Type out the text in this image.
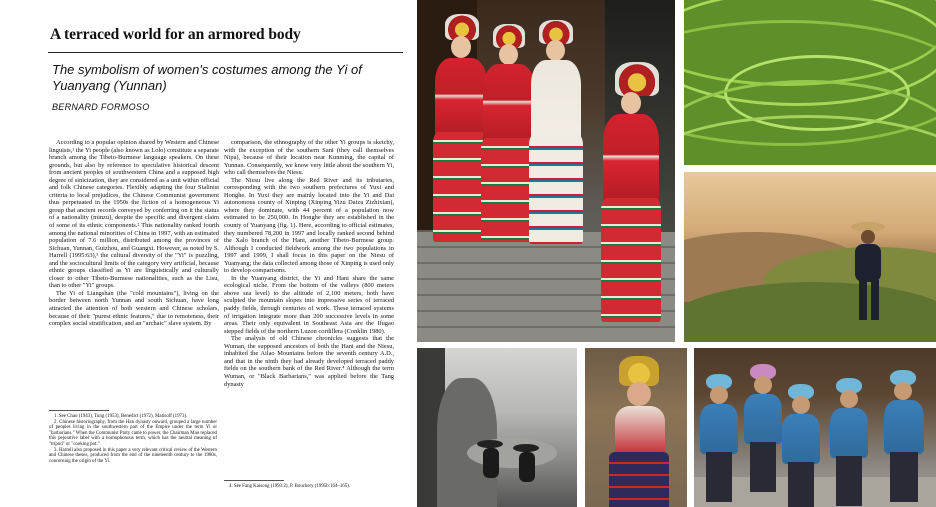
A terraced world for an armored body
The symbolism of women's costumes among the Yi of Yuanyang (Yunnan)
BERNARD FORMOSO

According to a popular opinion shared by Western and Chinese linguists,¹ the Yi people (also known as Lolo) constitute a separate branch among the Tibeto-Burmese language speakers. On these grounds, but also by reference to speculative historical descent from ancient peoples of southwestern China and a supposed high degree of sinicization, they are considered as a unit within official and folk Chinese categories. Flexibly adapting the four Stalinist criteria to local prejudices, the Chinese Communist government thus perpetuated in the 1950s the fiction of a homogeneous Yi group that ancient records conveyed by conferring on it the status of a nationality (minzu), despite the specific and divergent claim of some of its ethnic components.² This nationality ranked fourth among the national minorities of China in 1997, with an estimated population of 7.6 million, distributed among the provinces of Sichuan, Yunnan, Guizhou, and Guangxi. However, as noted by S. Harrell (1995:63),³ the cultural diversity of the "Yi" is puzzling, and the sociocultural limits of the category very artificial, because ethnic groups classified as Yi are linguistically and culturally closer to other Tibeto-Burmese nationalities, such as the Lisu, than to other "Yi" groups.

The Yi of Liangshan (the "cold mountains"), living on the border between north Yunnan and south Sichuan, have long attracted the attention of both western and Chinese scholars, because of their "purest ethnic features," due to remoteness, their complex social stratification, and an "archaic" slave system. By

comparison, the ethnography of the other Yi groups is sketchy, with the exception of the southern Sani (they call themselves Nipa), because of their location near Kunming, the capital of Yunnan. Consequently, we know very little about the southern Yi, who call themselves the Niesu.

The Niesu live along the Red River and its tributaries, corresponding with the two southern prefectures of Yuxi and Honghe. In Yuxi they are mainly located into the Yi and Dai autonomous county of Xinping (Xinping Yizu Daizu Zizhixian), where they dominate, with 44 percent of a population now estimated to be 250,000. In Honghe they are established in the county of Yuanyang (fig. 1). Here, according to official estimates, they numbered 78,200 in 1997 and locally ranked second behind the Xalo branch of the Hani, another Tibeto-Burmese group. Although I conducted fieldwork among the two populations in 1997 and 1999, I shall focus in this paper on the Niesu of Yuanyang; the data collected among those of Xinping is used only to develop comparisons.

In the Yuanyang district, the Yi and Hani share the same ecological niche. From the bottom of the valleys (800 meters above sea level) to the altitude of 2,100 meters, both have sculpted the mountain slopes into impressive series of terraced paddy fields, through centuries of work. These terraced systems of irrigation integrate more than 200 successive levels in some areas. Their only equivalent in Southeast Asia are the Ifugao stepped fields of the northern Luzon cordillera (Conklin 1980).

The analysis of old Chinese chronicles suggests that the Wuman, the supposed ancestors of both the Hani and the Niesu, inhabited the Ailao Mountains before the seventh century A.D., and that in the ninth they had already developed terraced paddy fields on the southern bank of the Red River.⁴ Although the term Wuman, or "Black Barbarians," was applied before the Tang dynasty

1. See Chao (1943), Tung (1953), Benedict (1972), Matisoff (1973).

2. Chinese historiography, from the Han dynasty onward, grouped a large number of peoples living in the southwestern part of the Empire under the term Yi or "barbarians." When the Communist Party came to power, the Chairman Mao replaced this pejorative label with a homophonous term, which has the neutral meaning of "tripod" or "cooking pot."

3. Harrell also proposed in this paper a very relevant critical review of the Western and Chinese theses, produced from the end of the nineteenth century to the 1980s, concerning the origin of the Yi.

4. See Fang Kaisong (1993:2), P. Bouchery (1995b:164–165).
